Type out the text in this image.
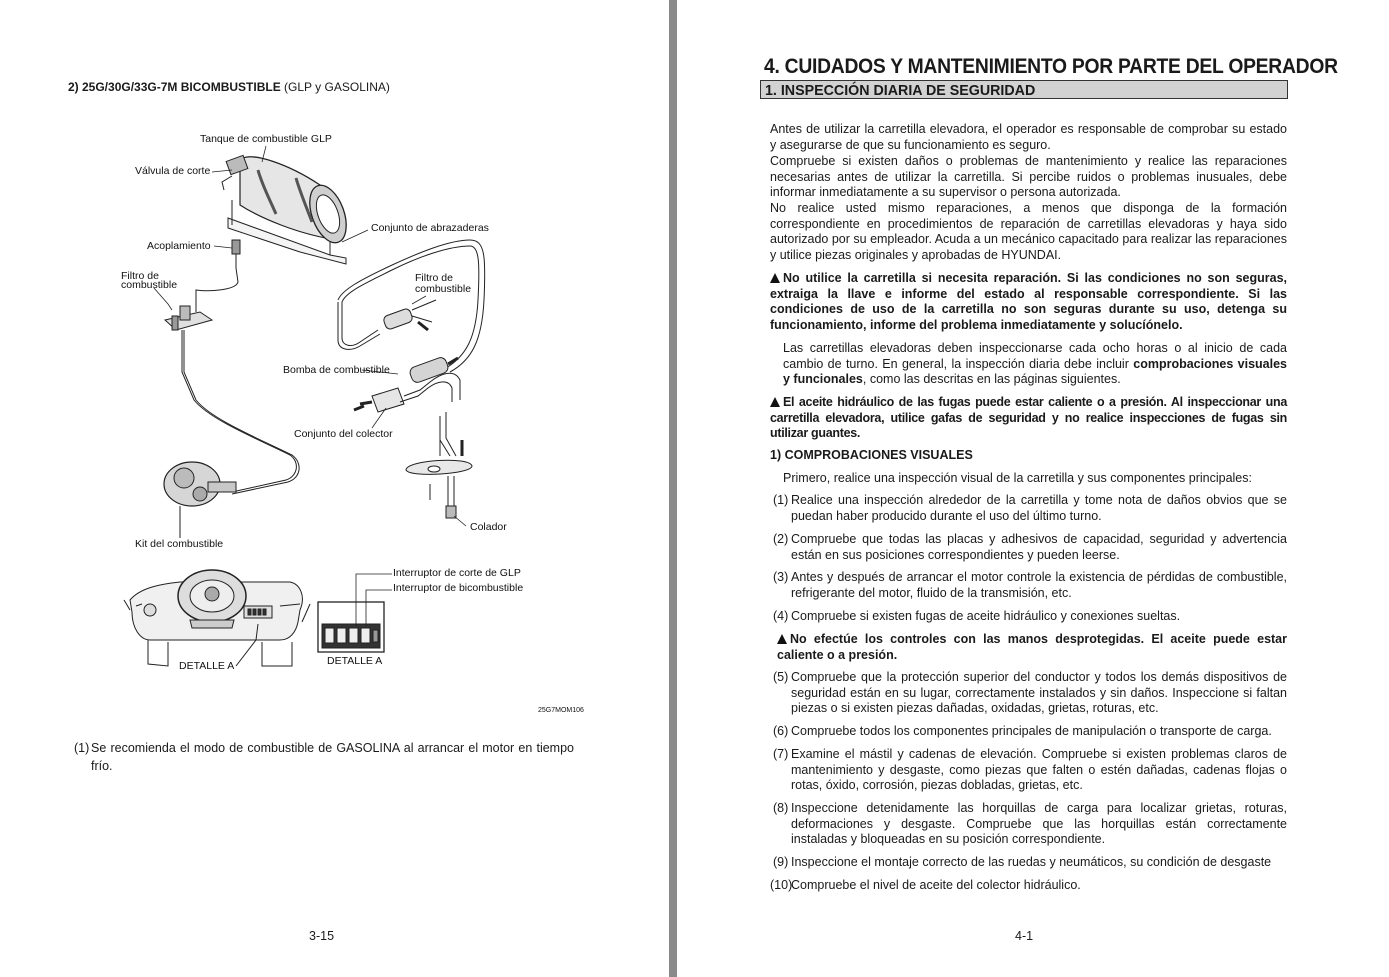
2) 25G/30G/33G-7M BICOMBUSTIBLE (GLP y GASOLINA)
Tanque de combustible GLP
Válvula de corte
Conjunto de abrazaderas
Acoplamiento
Filtro de
combustible
Filtro de
combustible
Bomba de combustible
Conjunto del colector
Colador
Kit del combustible
Interruptor de corte de GLP
Interruptor de bicombustible
DETALLE A	DETALLE A
25G7MOM106
(1) Se recomienda el modo de combustible de GASOLINA al arrancar el motor en tiempo frío.
3-15
4. CUIDADOS Y MANTENIMIENTO POR PARTE DEL OPERADOR
1. INSPECCIÓN DIARIA DE SEGURIDAD
Antes de utilizar la carretilla elevadora, el operador es responsable de comprobar su estado y asegurarse de que su funcionamiento es seguro.
Compruebe si existen daños o problemas de mantenimiento y realice las reparaciones necesarias antes de utilizar la carretilla. Si percibe ruidos o problemas inusuales, debe informar inmediatamente a su supervisor o persona autorizada.
No realice usted mismo reparaciones, a menos que disponga de la formación correspondiente en procedimientos de reparación de carretillas elevadoras y haya sido autorizado por su empleador. Acuda a un mecánico capacitado para realizar las reparaciones y utilice piezas originales y aprobadas de HYUNDAI.
No utilice la carretilla si necesita reparación. Si las condiciones no son seguras, extraiga la llave e informe del estado al responsable correspondiente. Si las condiciones de uso de la carretilla no son seguras durante su uso, detenga su funcionamiento, informe del problema inmediatamente y solucíónelo.
Las carretillas elevadoras deben inspeccionarse cada ocho horas o al inicio de cada cambio de turno. En general, la inspección diaria debe incluir comprobaciones visuales y funcionales, como las descritas en las páginas siguientes.
El aceite hidráulico de las fugas puede estar caliente o a presión. Al inspeccionar una carretilla elevadora, utilice gafas de seguridad y no realice inspecciones de fugas sin utilizar guantes.
1) COMPROBACIONES VISUALES
Primero, realice una inspección visual de la carretilla y sus componentes principales:
(1) Realice una inspección alrededor de la carretilla y tome nota de daños obvios que se puedan haber producido durante el uso del último turno.
(2) Compruebe que todas las placas y adhesivos de capacidad, seguridad y advertencia están en sus posiciones correspondientes y pueden leerse.
(3) Antes y después de arrancar el motor controle la existencia de pérdidas de combustible, refrigerante del motor, fluido de la transmisión, etc.
(4) Compruebe si existen fugas de aceite hidráulico y conexiones sueltas.
No efectúe los controles con las manos desprotegidas. El aceite puede estar caliente o a presión.
(5) Compruebe que la protección superior del conductor y todos los demás dispositivos de seguridad están en su lugar, correctamente instalados y sin daños. Inspeccione si faltan piezas o si existen piezas dañadas, oxidadas, grietas, roturas, etc.
(6) Compruebe todos los componentes principales de manipulación o transporte de carga.
(7) Examine el mástil y cadenas de elevación. Compruebe si existen problemas claros de mantenimiento y desgaste, como piezas que falten o estén dañadas, cadenas flojas o rotas, óxido, corrosión, piezas dobladas, grietas, etc.
(8) Inspeccione detenidamente las horquillas de carga para localizar grietas, roturas, deformaciones y desgaste. Compruebe que las horquillas están correctamente instaladas y bloqueadas en su posición correspondiente.
(9) Inspeccione el montaje correcto de las ruedas y neumáticos, su condición de desgaste
(10)
Compruebe el nivel de aceite del colector hidráulico.
4-1
